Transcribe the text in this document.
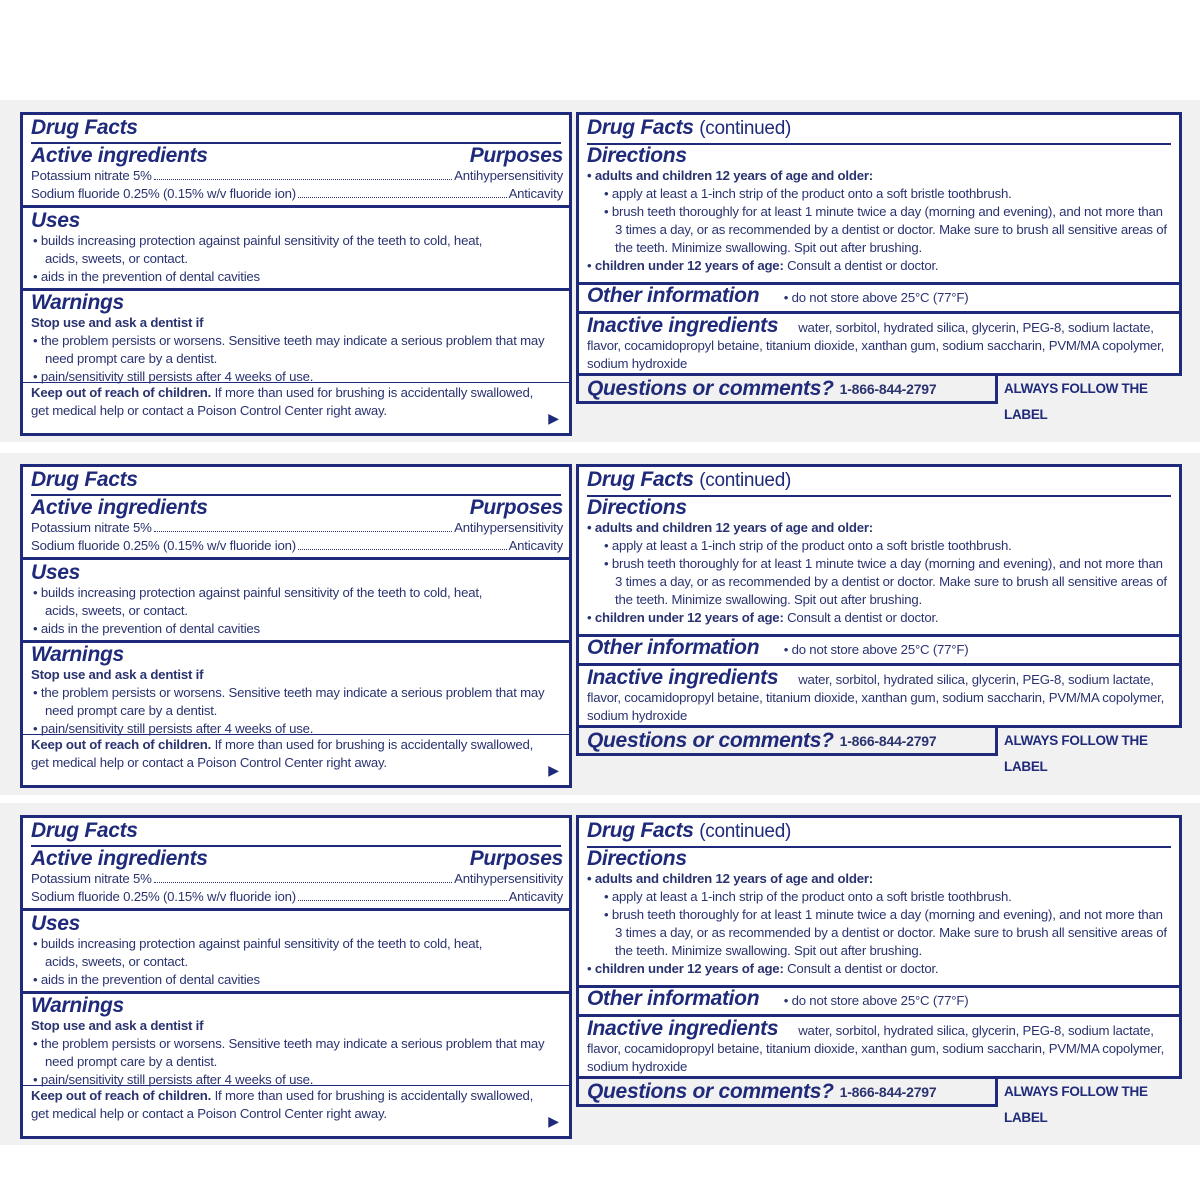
Drug Facts
Active ingredients	Purposes
Potassium nitrate 5%	Antihypersensitivity
Sodium fluoride 0.25% (0.15% w/v fluoride ion)	Anticavity
Uses
• builds increasing protection against painful sensitivity of the teeth to cold, heat, acids, sweets, or contact.
• aids in the prevention of dental cavities
Warnings
Stop use and ask a dentist if
• the problem persists or worsens. Sensitive teeth may indicate a serious problem that may need prompt care by a dentist.
• pain/sensitivity still persists after 4 weeks of use.
Keep out of reach of children. If more than used for brushing is accidentally swallowed, get medical help or contact a Poison Control Center right away.	▶
Drug Facts (continued)
Directions
• adults and children 12 years of age and older:
• apply at least a 1-inch strip of the product onto a soft bristle toothbrush.
• brush teeth thoroughly for at least 1 minute twice a day (morning and evening), and not more than 3 times a day, or as recommended by a dentist or doctor. Make sure to brush all sensitive areas of the teeth. Minimize swallowing. Spit out after brushing.
• children under 12 years of age: Consult a dentist or doctor.
Other information • do not store above 25°C (77°F)
Inactive ingredients water, sorbitol, hydrated silica, glycerin, PEG-8, sodium lactate, flavor, cocamidopropyl betaine, titanium dioxide, xanthan gum, sodium saccharin, PVM/MA copolymer, sodium hydroxide
Questions or comments? 1-866-844-2797	ALWAYS FOLLOW THE LABEL
Drug Facts
Active ingredients	Purposes
Potassium nitrate 5%	Antihypersensitivity
Sodium fluoride 0.25% (0.15% w/v fluoride ion)	Anticavity
Uses
• builds increasing protection against painful sensitivity of the teeth to cold, heat, acids, sweets, or contact.
• aids in the prevention of dental cavities
Warnings
Stop use and ask a dentist if
• the problem persists or worsens. Sensitive teeth may indicate a serious problem that may need prompt care by a dentist.
• pain/sensitivity still persists after 4 weeks of use.
Keep out of reach of children. If more than used for brushing is accidentally swallowed, get medical help or contact a Poison Control Center right away.	▶
Drug Facts (continued)
Directions
• adults and children 12 years of age and older:
• apply at least a 1-inch strip of the product onto a soft bristle toothbrush.
• brush teeth thoroughly for at least 1 minute twice a day (morning and evening), and not more than 3 times a day, or as recommended by a dentist or doctor. Make sure to brush all sensitive areas of the teeth. Minimize swallowing. Spit out after brushing.
• children under 12 years of age: Consult a dentist or doctor.
Other information • do not store above 25°C (77°F)
Inactive ingredients water, sorbitol, hydrated silica, glycerin, PEG-8, sodium lactate, flavor, cocamidopropyl betaine, titanium dioxide, xanthan gum, sodium saccharin, PVM/MA copolymer, sodium hydroxide
Questions or comments? 1-866-844-2797	ALWAYS FOLLOW THE LABEL
Drug Facts
Active ingredients	Purposes
Potassium nitrate 5%	Antihypersensitivity
Sodium fluoride 0.25% (0.15% w/v fluoride ion)	Anticavity
Uses
• builds increasing protection against painful sensitivity of the teeth to cold, heat, acids, sweets, or contact.
• aids in the prevention of dental cavities
Warnings
Stop use and ask a dentist if
• the problem persists or worsens. Sensitive teeth may indicate a serious problem that may need prompt care by a dentist.
• pain/sensitivity still persists after 4 weeks of use.
Keep out of reach of children. If more than used for brushing is accidentally swallowed, get medical help or contact a Poison Control Center right away.	▶
Drug Facts (continued)
Directions
• adults and children 12 years of age and older:
• apply at least a 1-inch strip of the product onto a soft bristle toothbrush.
• brush teeth thoroughly for at least 1 minute twice a day (morning and evening), and not more than 3 times a day, or as recommended by a dentist or doctor. Make sure to brush all sensitive areas of the teeth. Minimize swallowing. Spit out after brushing.
• children under 12 years of age: Consult a dentist or doctor.
Other information • do not store above 25°C (77°F)
Inactive ingredients water, sorbitol, hydrated silica, glycerin, PEG-8, sodium lactate, flavor, cocamidopropyl betaine, titanium dioxide, xanthan gum, sodium saccharin, PVM/MA copolymer, sodium hydroxide
Questions or comments? 1-866-844-2797	ALWAYS FOLLOW THE LABEL
